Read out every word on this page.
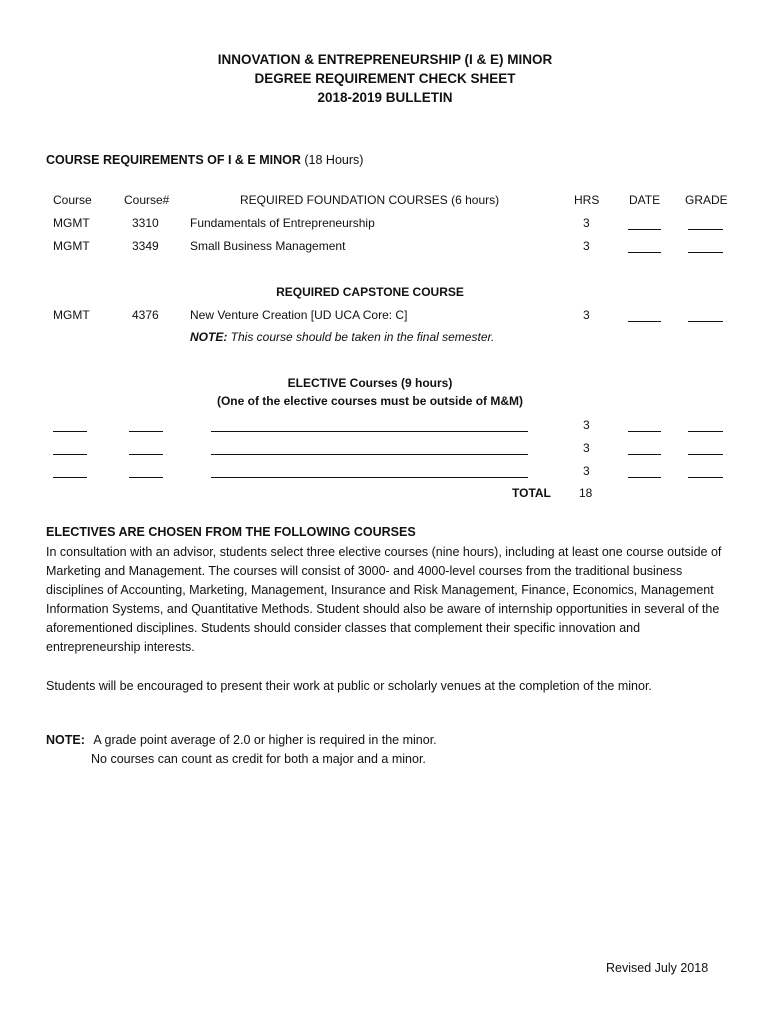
INNOVATION & ENTREPRENEURSHIP (I & E) MINOR
DEGREE REQUIREMENT CHECK SHEET
2018-2019 BULLETIN
COURSE REQUIREMENTS OF I & E MINOR (18 Hours)
Course	Course#	REQUIRED FOUNDATION COURSES (6 hours)	HRS DATE GRADE
MGMT	3310	Fundamentals of Entrepreneurship	3
MGMT	3349	Small Business Management	3
REQUIRED CAPSTONE COURSE
MGMT	4376	New Venture Creation [UD UCA Core: C]	3
NOTE: This course should be taken in the final semester.
ELECTIVE Courses (9 hours)
(One of the elective courses must be outside of M&M)
3
3
3
TOTAL 18
ELECTIVES ARE CHOSEN FROM THE FOLLOWING COURSES
In consultation with an advisor, students select three elective courses (nine hours), including at least one course outside of Marketing and Management. The courses will consist of 3000- and 4000-level courses from the traditional business disciplines of Accounting, Marketing, Management, Insurance and Risk Management, Finance, Economics, Management Information Systems, and Quantitative Methods. Student should also be aware of internship opportunities in several of the aforementioned disciplines. Students should consider classes that complement their specific innovation and entrepreneurship interests.
Students will be encouraged to present their work at public or scholarly venues at the completion of the minor.
NOTE: A grade point average of 2.0 or higher is required in the minor.
No courses can count as credit for both a major and a minor.
Revised July 2018
